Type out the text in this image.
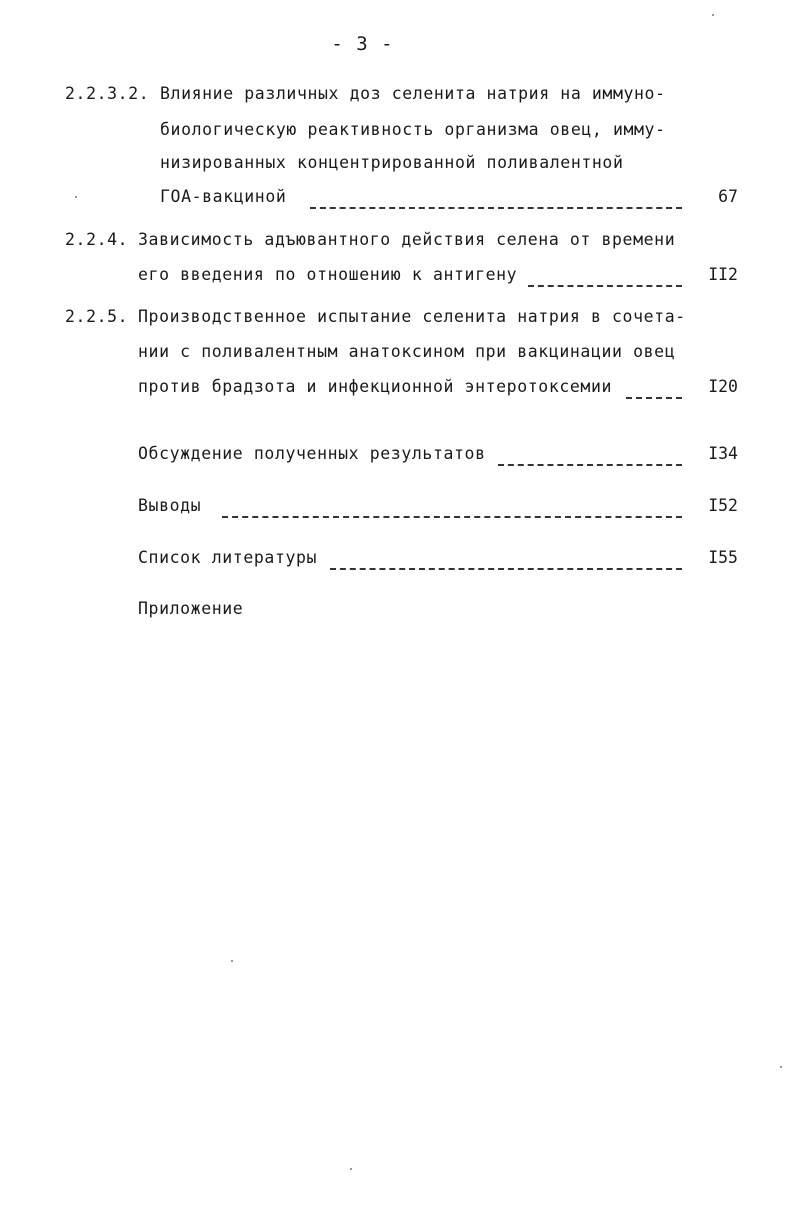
- 3 -
2.2.3.2. Влияние различных доз селенита натрия на иммуно-
биологическую реактивность организма овец, имму-
низированных концентрированной поливалентной
ГОА-вакциной	67
2.2.4. Зависимость адъювантного действия селена от времени
его введения по отношению к антигену	II2
2.2.5. Производственное испытание селенита натрия в сочета-
нии с поливалентным анатоксином при вакцинации овец
против брадзота и инфекционной энтеротоксемии	I20
Обсуждение полученных результатов	I34
Выводы	I52
Список литературы	I55
Приложение
